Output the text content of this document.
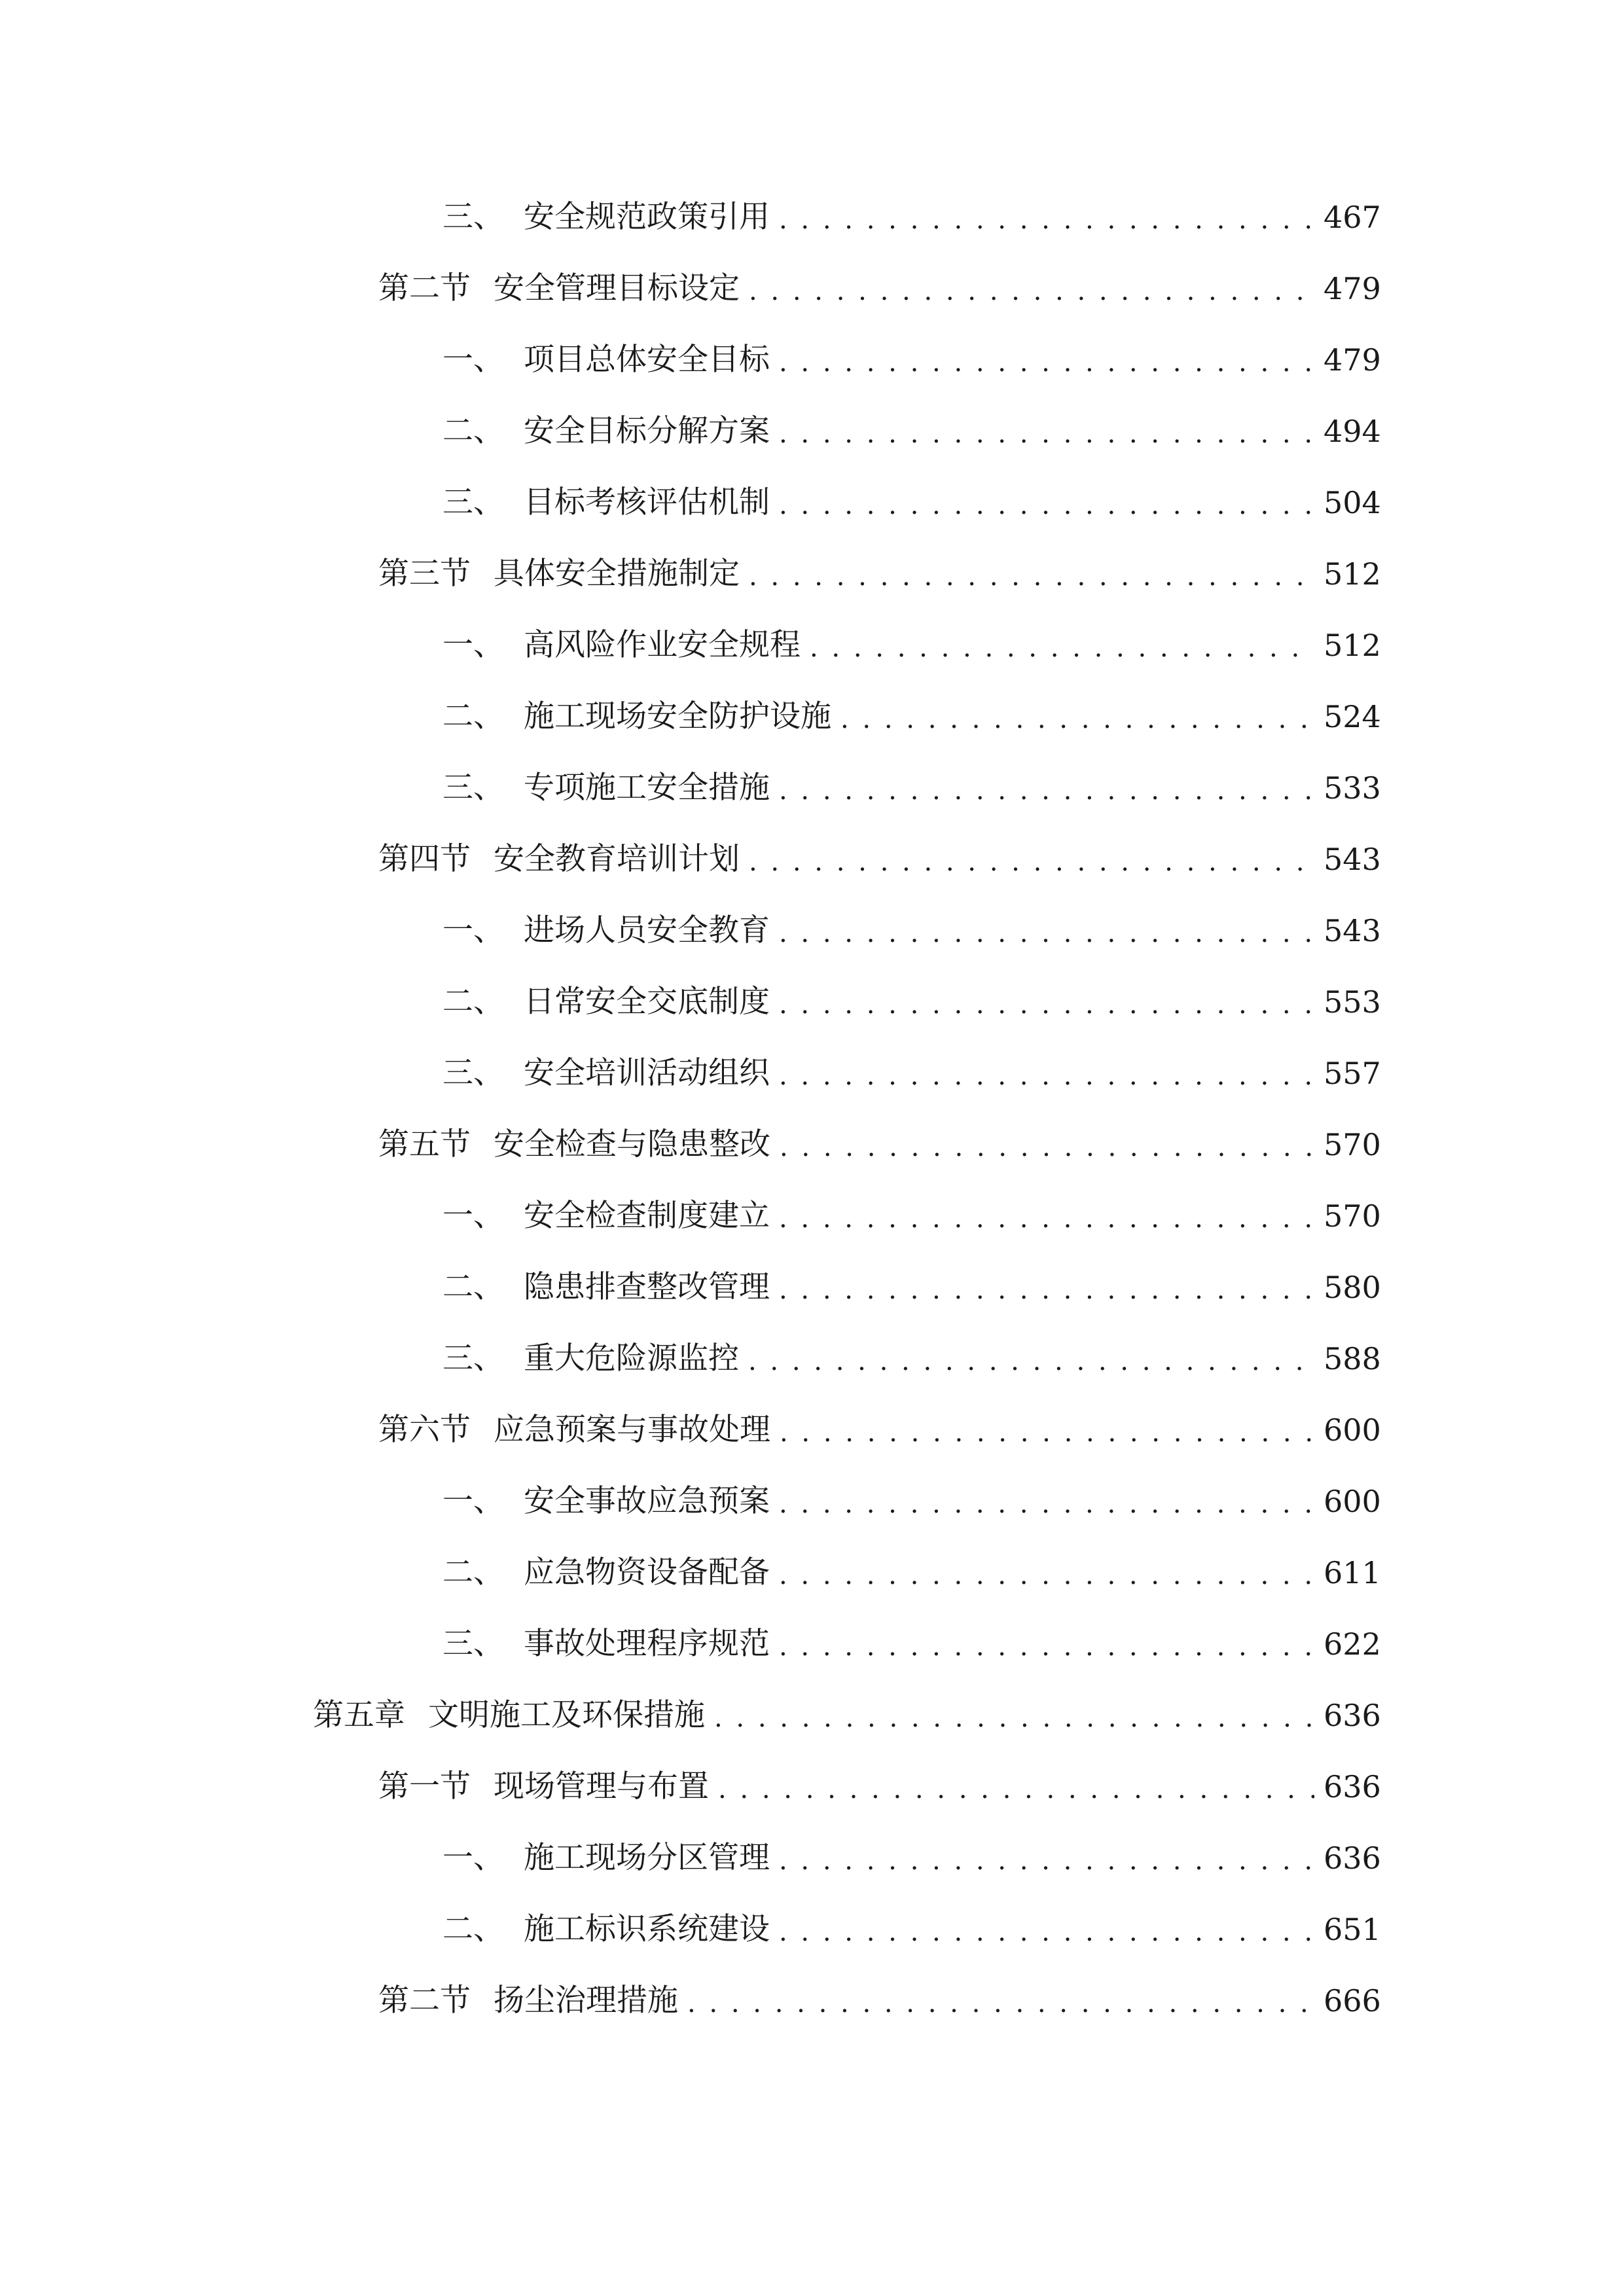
三、 安全规范政策引用 . . .	467
第二节 安全管理目标设定 . . .	479
一、 项目总体安全目标 . . .	479
二、 安全目标分解方案 . . .	494
三、 目标考核评估机制 . . .	504
第三节 具体安全措施制定 . . .	512
一、 高风险作业安全规程 . . .	512
二、 施工现场安全防护设施 . . .	524
三、 专项施工安全措施 . . .	533
第四节 安全教育培训计划 . . .	543
一、 进场人员安全教育 . . .	543
二、 日常安全交底制度 . . .	553
三、 安全培训活动组织 . . .	557
第五节 安全检查与隐患整改 . . .	570
一、 安全检查制度建立 . . .	570
二、 隐患排查整改管理 . . .	580
三、 重大危险源监控 . . .	588
第六节 应急预案与事故处理 . . .	600
一、 安全事故应急预案 . . .	600
二、 应急物资设备配备 . . .	611
三、 事故处理程序规范 . . .	622
第五章 文明施工及环保措施 . . .	636
第一节 现场管理与布置 . . .	636
一、 施工现场分区管理 . . .	636
二、 施工标识系统建设 . . .	651
第二节 扬尘治理措施 . . .	666
